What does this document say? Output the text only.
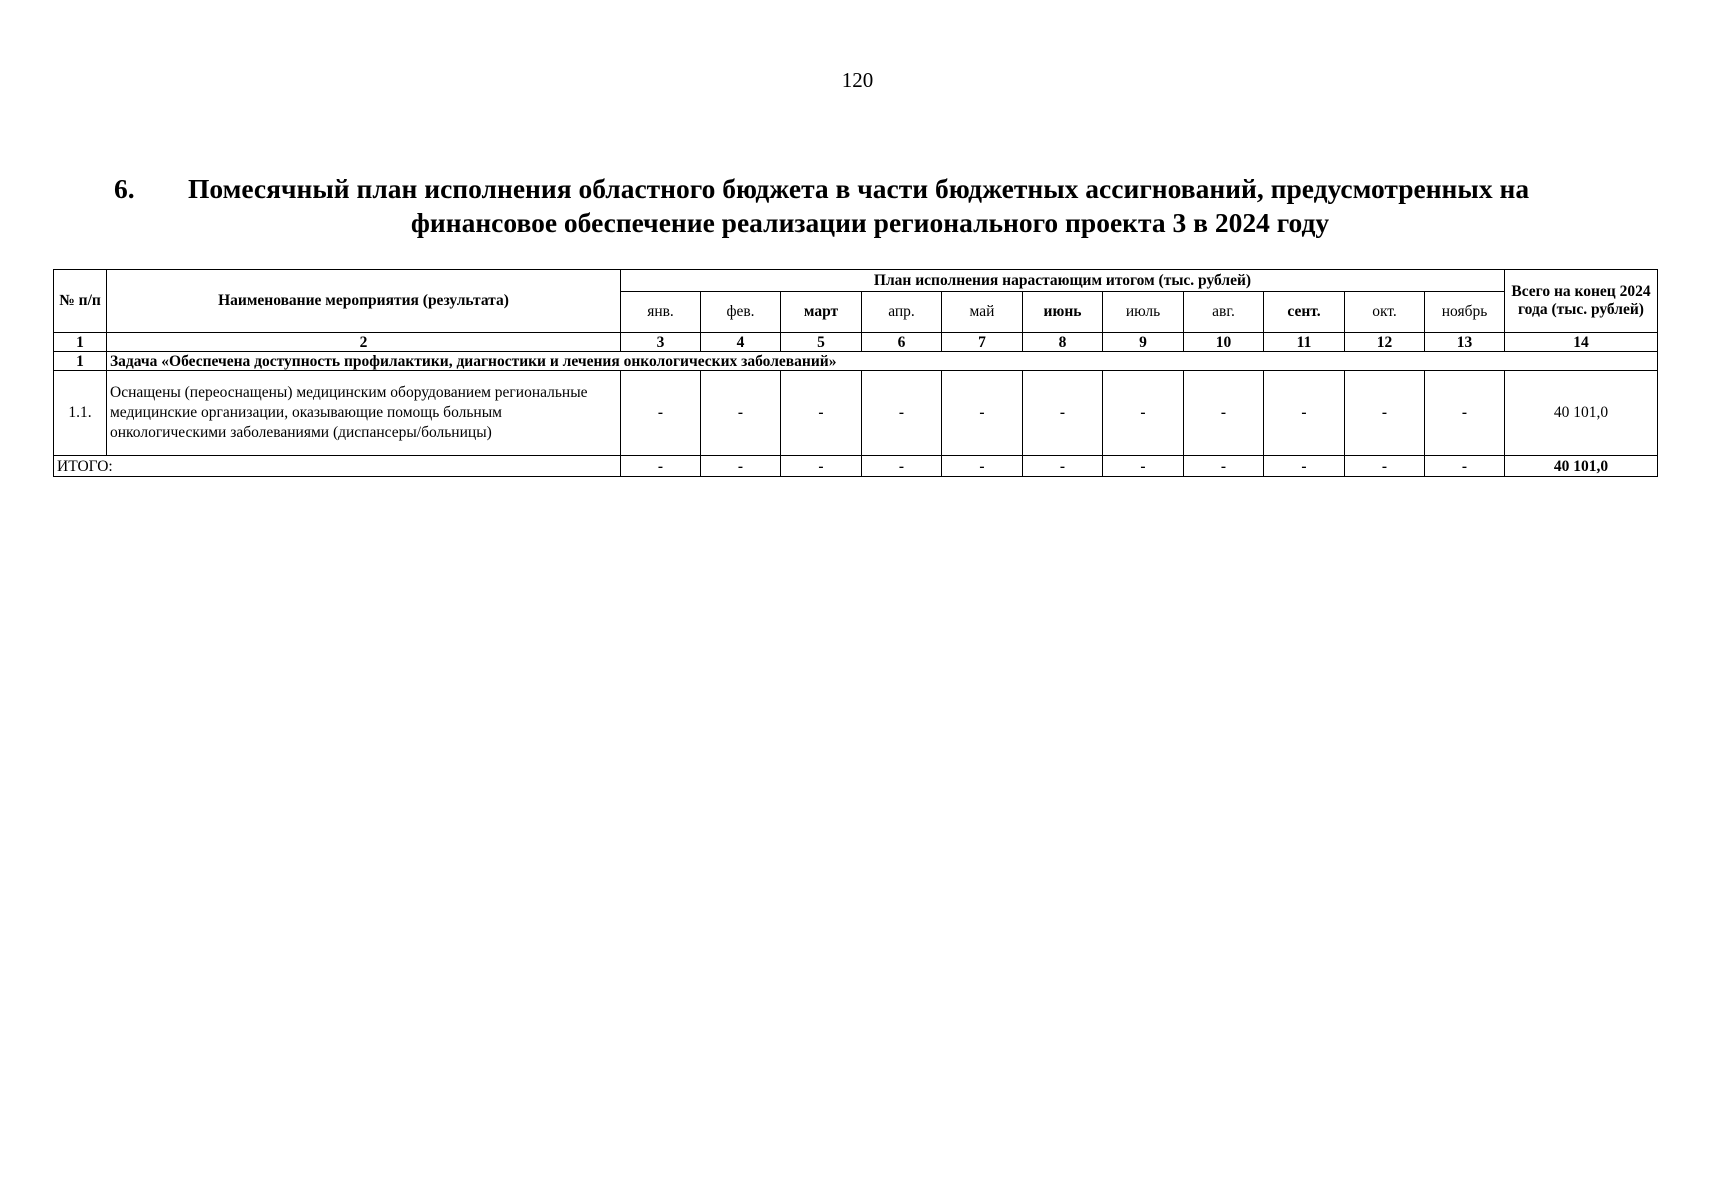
120
6. Помесячный план исполнения областного бюджета в части бюджетных ассигнований, предусмотренных на
финансовое обеспечение реализации регионального проекта 3 в 2024 году
№ п/п	Наименование мероприятия (результата)	План исполнения нарастающим итогом (тыс. рублей)											Всего на конец 2024 года (тыс. рублей)
		янв.	фев.	март	апр.	май	июнь	июль	авг.	сент.	окт.	ноябрь	
1	2	3	4	5	6	7	8	9	10	11	12	13	14
1	Задача «Обеспечена доступность профилактики, диагностики и лечения онкологических заболеваний»												
1.1.	Оснащены (переоснащены) медицинским оборудованием региональные медицинские организации, оказывающие помощь больным онкологическими заболеваниями (диспансеры/больницы)	-	-	-	-	-	-	-	-	-	-	-	40 101,0
ИТОГО:		-	-	-	-	-	-	-	-	-	-	-	40 101,0
